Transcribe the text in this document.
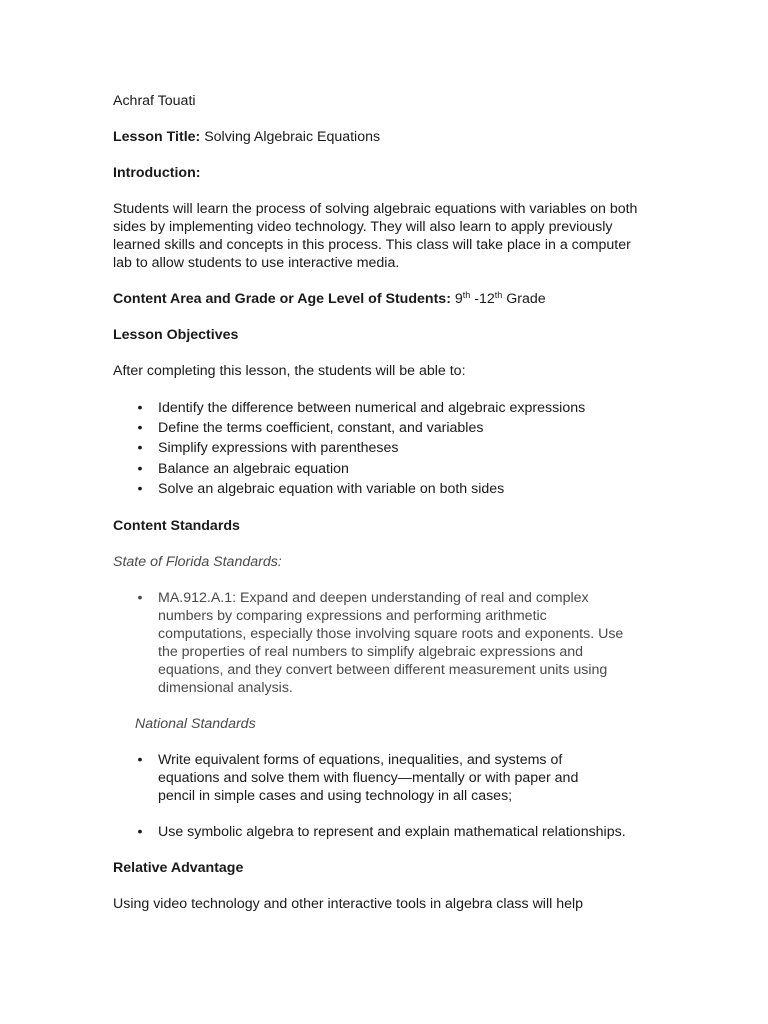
Achraf Touati

Lesson Title: Solving Algebraic Equations

Introduction:

Students will learn the process of solving algebraic equations with variables on both sides by implementing video technology. They will also learn to apply previously learned skills and concepts in this process. This class will take place in a computer lab to allow students to use interactive media.

Content Area and Grade or Age Level of Students: 9th -12th Grade

Lesson Objectives

After completing this lesson, the students will be able to:

• Identify the difference between numerical and algebraic expressions
• Define the terms coefficient, constant, and variables
• Simplify expressions with parentheses
• Balance an algebraic equation
• Solve an algebraic equation with variable on both sides

Content Standards

State of Florida Standards:

• MA.912.A.1: Expand and deepen understanding of real and complex numbers by comparing expressions and performing arithmetic computations, especially those involving square roots and exponents. Use the properties of real numbers to simplify algebraic expressions and equations, and they convert between different measurement units using dimensional analysis.

National Standards

• Write equivalent forms of equations, inequalities, and systems of equations and solve them with fluency—mentally or with paper and pencil in simple cases and using technology in all cases;
• Use symbolic algebra to represent and explain mathematical relationships.

Relative Advantage

Using video technology and other interactive tools in algebra class will help
